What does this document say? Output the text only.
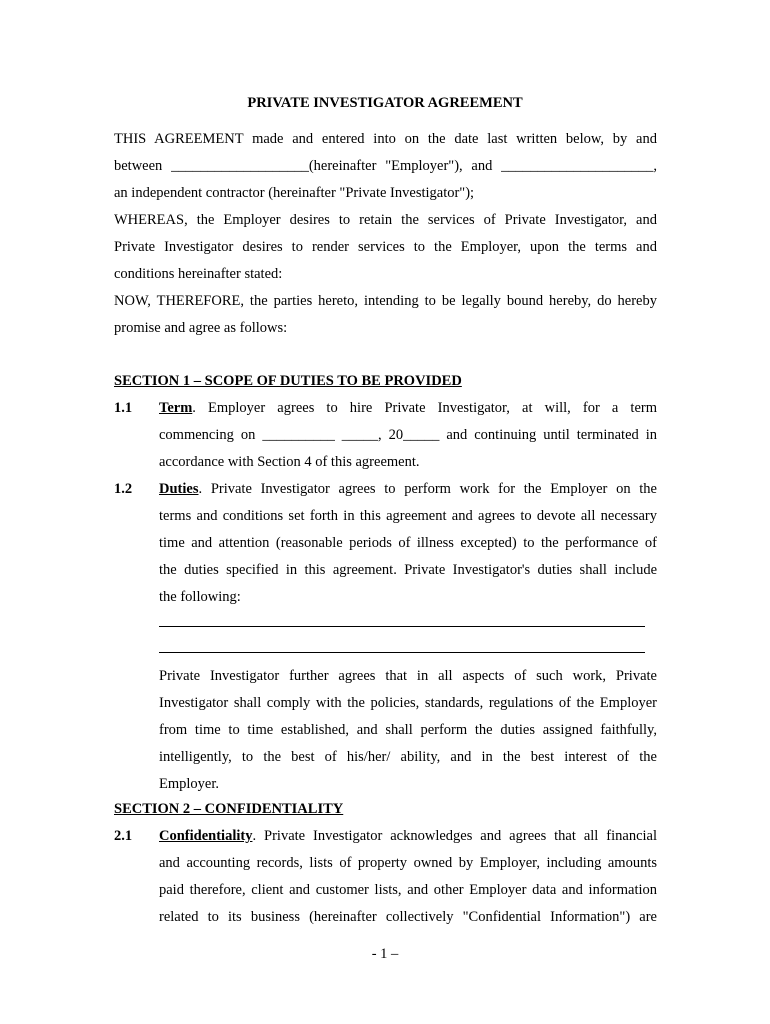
PRIVATE INVESTIGATOR AGREEMENT
THIS AGREEMENT made and entered into on the date last written below, by and
between ___________________(hereinafter "Employer"), and _____________________,
an independent contractor (hereinafter "Private Investigator");
WHEREAS, the Employer desires to retain the services of Private Investigator, and
Private Investigator desires to render services to the Employer, upon the terms and
conditions hereinafter stated:
NOW, THEREFORE, the parties hereto, intending to be legally bound hereby, do hereby
promise and agree as follows:
SECTION 1 – SCOPE OF DUTIES TO BE PROVIDED
1.1 Term. Employer agrees to hire Private Investigator, at will, for a term
commencing on __________ _____, 20_____ and continuing until terminated in
accordance with Section 4 of this agreement.
1.2 Duties. Private Investigator agrees to perform work for the Employer on the
terms and conditions set forth in this agreement and agrees to devote all necessary
time and attention (reasonable periods of illness excepted) to the performance of
the duties specified in this agreement. Private Investigator's duties shall include
the following:
Private Investigator further agrees that in all aspects of such work, Private
Investigator shall comply with the policies, standards, regulations of the Employer
from time to time established, and shall perform the duties assigned faithfully,
intelligently, to the best of his/her/ ability, and in the best interest of the
Employer.
SECTION 2 – CONFIDENTIALITY
2.1 Confidentiality. Private Investigator acknowledges and agrees that all financial
and accounting records, lists of property owned by Employer, including amounts
paid therefore, client and customer lists, and other Employer data and information
related to its business (hereinafter collectively "Confidential Information") are
- 1 –
